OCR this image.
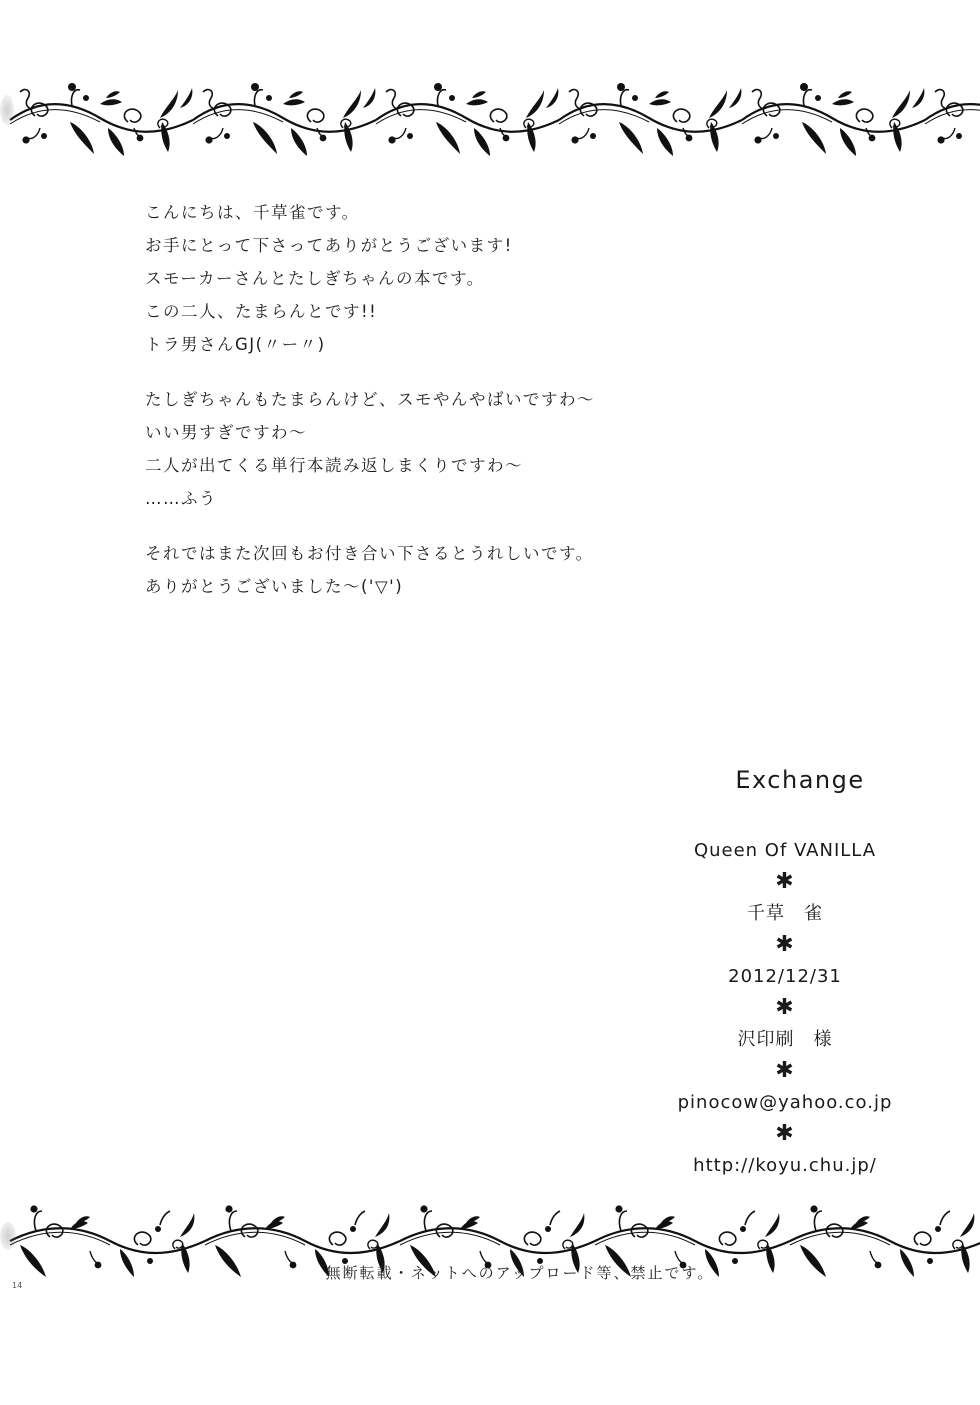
こんにちは、千草雀です。

お手にとって下さってありがとうございます!

スモーカーさんとたしぎちゃんの本です。

この二人、たまらんとです!!

トラ男さんGJ(〃ー〃)

たしぎちゃんもたまらんけど、スモやんやばいですわ〜

いい男すぎですわ〜

二人が出てくる単行本読み返しまくりですわ〜

……ふう

それではまた次回もお付き合い下さるとうれしいです。

ありがとうございました〜('▽')

Exchange
Queen Of VANILLA
✱
千草　雀
✱
2012/12/31
✱
沢印刷　様
✱
pinocow@yahoo.co.jp
✱
http://koyu.chu.jp/
14
無断転載・ネットへのアップロード等、禁止です。
